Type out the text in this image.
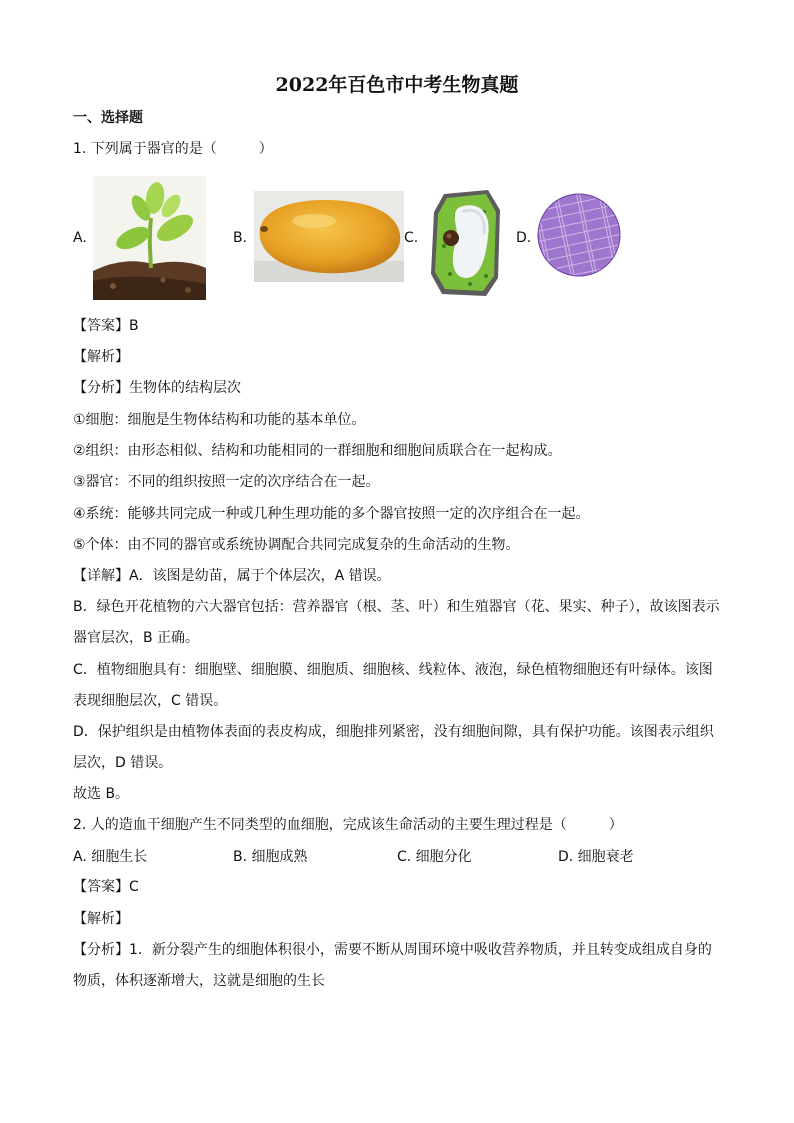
2022年百色市中考生物真题
一、选择题
1. 下列属于器官的是（　　　）
A.	B.	C.	D.
【答案】B
【解析】
【分析】生物体的结构层次
①细胞：细胞是生物体结构和功能的基本单位。
②组织：由形态相似、结构和功能相同的一群细胞和细胞间质联合在一起构成。
③器官：不同的组织按照一定的次序结合在一起。
④系统：能够共同完成一种或几种生理功能的多个器官按照一定的次序组合在一起。
⑤个体：由不同的器官或系统协调配合共同完成复杂的生命活动的生物。
【详解】A．该图是幼苗，属于个体层次，A 错误。
B．绿色开花植物的六大器官包括：营养器官（根、茎、叶）和生殖器官（花、果实、种子），故该图表示器官层次，B 正确。
C．植物细胞具有：细胞壁、细胞膜、细胞质、细胞核、线粒体、液泡，绿色植物细胞还有叶绿体。该图表现细胞层次，C 错误。
D．保护组织是由植物体表面的表皮构成，细胞排列紧密，没有细胞间隙，具有保护功能。该图表示组织层次，D 错误。
故选 B。
2. 人的造血干细胞产生不同类型的血细胞，完成该生命活动的主要生理过程是（　　　）
A. 细胞生长	B. 细胞成熟	C. 细胞分化	D. 细胞衰老
【答案】C
【解析】
【分析】1．新分裂产生的细胞体积很小，需要不断从周围环境中吸收营养物质，并且转变成组成自身的物质，体积逐渐增大，这就是细胞的生长
